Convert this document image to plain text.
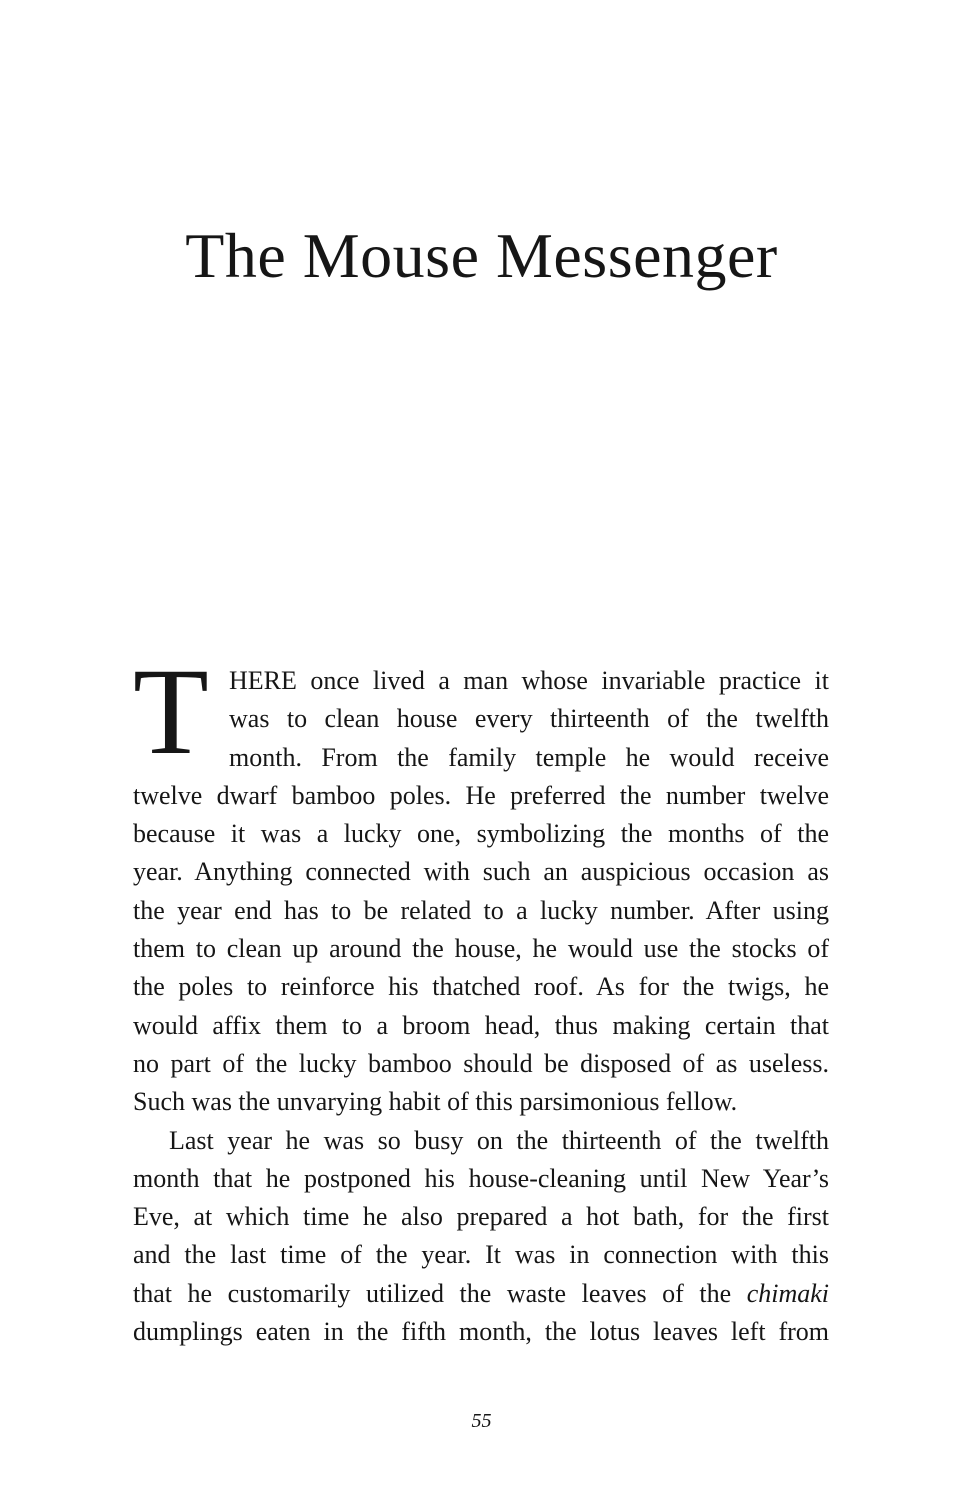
The Mouse Messenger
T HERE once lived a man whose invariable practice it
was to clean house every thirteenth of the twelfth
month. From the family temple he would receive
twelve dwarf bamboo poles. He preferred the number twelve
because it was a lucky one, symbolizing the months of the
year. Anything connected with such an auspicious occasion as
the year end has to be related to a lucky number. After using
them to clean up around the house, he would use the stocks of
the poles to reinforce his thatched roof. As for the twigs, he
would affix them to a broom head, thus making certain that
no part of the lucky bamboo should be disposed of as useless.
Such was the unvarying habit of this parsimonious fellow.
Last year he was so busy on the thirteenth of the twelfth
month that he postponed his house-cleaning until New Year’s
Eve, at which time he also prepared a hot bath, for the first
and the last time of the year. It was in connection with this
that he customarily utilized the waste leaves of the chimaki
dumplings eaten in the fifth month, the lotus leaves left from
55
